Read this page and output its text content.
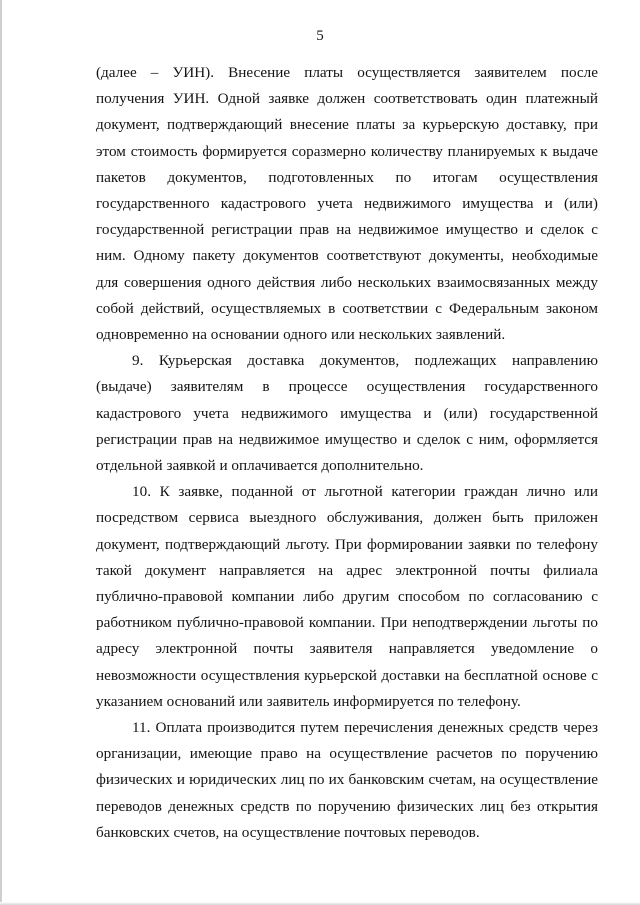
5

(далее – УИН). Внесение платы осуществляется заявителем после получения УИН. Одной заявке должен соответствовать один платежный документ, подтверждающий внесение платы за курьерскую доставку, при этом стоимость формируется соразмерно количеству планируемых к выдаче пакетов документов, подготовленных по итогам осуществления государственного кадастрового учета недвижимого имущества и (или) государственной регистрации прав на недвижимое имущество и сделок с ним. Одному пакету документов соответствуют документы, необходимые для совершения одного действия либо нескольких взаимосвязанных между собой действий, осуществляемых в соответствии с Федеральным законом одновременно на основании одного или нескольких заявлений.

9. Курьерская доставка документов, подлежащих направлению (выдаче) заявителям в процессе осуществления государственного кадастрового учета недвижимого имущества и (или) государственной регистрации прав на недвижимое имущество и сделок с ним, оформляется отдельной заявкой и оплачивается дополнительно.

10. К заявке, поданной от льготной категории граждан лично или посредством сервиса выездного обслуживания, должен быть приложен документ, подтверждающий льготу. При формировании заявки по телефону такой документ направляется на адрес электронной почты филиала публично-правовой компании либо другим способом по согласованию с работником публично-правовой компании. При неподтверждении льготы по адресу электронной почты заявителя направляется уведомление о невозможности осуществления курьерской доставки на бесплатной основе с указанием оснований или заявитель информируется по телефону.

11. Оплата производится путем перечисления денежных средств через организации, имеющие право на осуществление расчетов по поручению физических и юридических лиц по их банковским счетам, на осуществление переводов денежных средств по поручению физических лиц без открытия банковских счетов, на осуществление почтовых переводов.
